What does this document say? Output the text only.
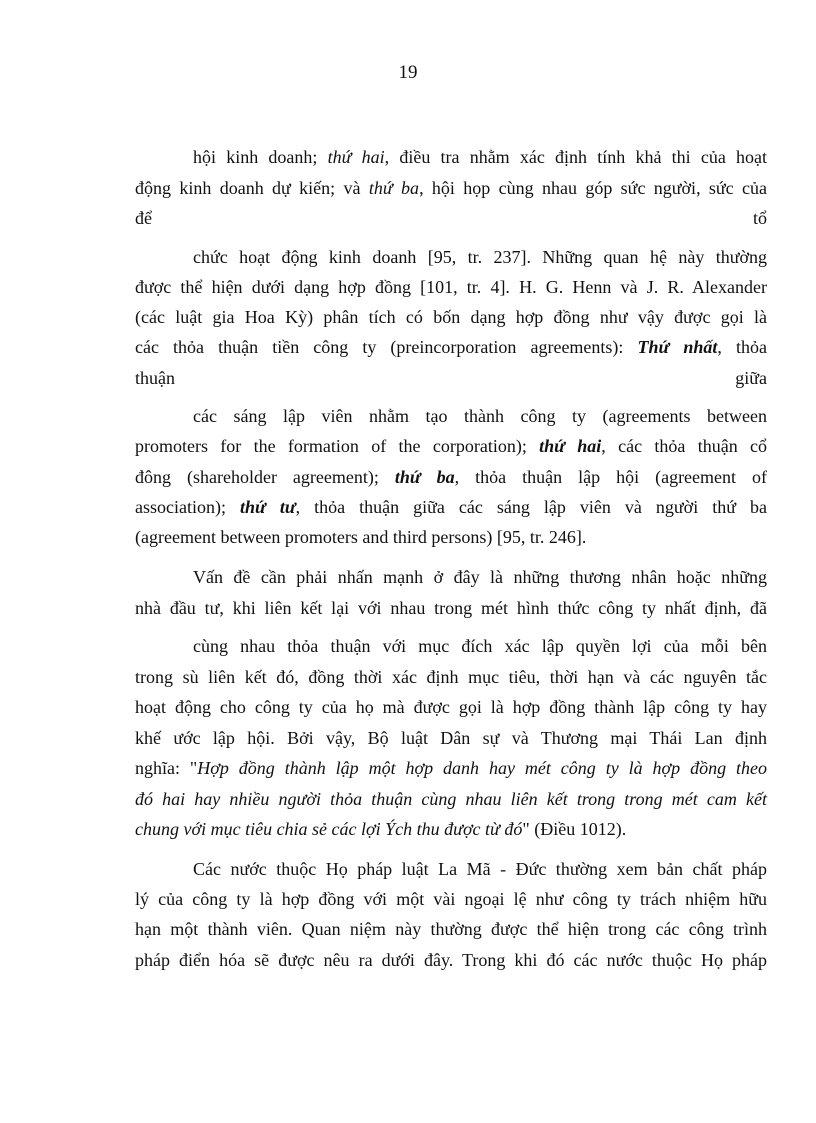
19
hội kinh doanh; thứ hai, điều tra nhằm xác định tính khả thi của hoạt
động kinh doanh dự kiến; và thứ ba, hội họp cùng nhau góp sức người, sức của
để	tổ
chức hoạt động kinh doanh [95, tr. 237]. Những quan hệ này thường
được thể hiện dưới dạng hợp đồng [101, tr. 4]. H. G. Henn và J. R. Alexander
(các luật gia Hoa Kỳ) phân tích có bốn dạng hợp đồng như vậy được gọi là
các thỏa thuận tiền công ty (preincorporation agreements): Thứ nhất, thỏa
thuận	giữa
các sáng lập viên nhằm tạo thành công ty (agreements between
promoters for the formation of the corporation); thứ hai, các thỏa thuận cổ
đông (shareholder agreement); thứ ba, thỏa thuận lập hội (agreement of
association); thứ tư, thỏa thuận giữa các sáng lập viên và người thứ ba
(agreement between promoters and third persons) [95, tr. 246].
Vấn đề cần phải nhấn mạnh ở đây là những thương nhân hoặc những
nhà đầu tư, khi liên kết lại với nhau trong mét hình thức công ty nhất định, đã
cùng nhau thỏa thuận với mục đích xác lập quyền lợi của mỗi bên
trong sù liên kết đó, đồng thời xác định mục tiêu, thời hạn và các nguyên tắc
hoạt động cho công ty của họ mà được gọi là hợp đồng thành lập công ty hay
khế ước lập hội. Bởi vậy, Bộ luật Dân sự và Thương mại Thái Lan định
nghĩa: "Hợp đồng thành lập một hợp danh hay mét công ty là hợp đồng theo
đó hai hay nhiều người thỏa thuận cùng nhau liên kết trong trong mét cam kết
chung với mục tiêu chia sẻ các lợi Ých thu được từ đó" (Điều 1012).
Các nước thuộc Họ pháp luật La Mã - Đức thường xem bản chất pháp
lý của công ty là hợp đồng với một vài ngoại lệ như công ty trách nhiệm hữu
hạn một thành viên. Quan niệm này thường được thể hiện trong các công trình
pháp điển hóa sẽ được nêu ra dưới đây. Trong khi đó các nước thuộc Họ pháp
